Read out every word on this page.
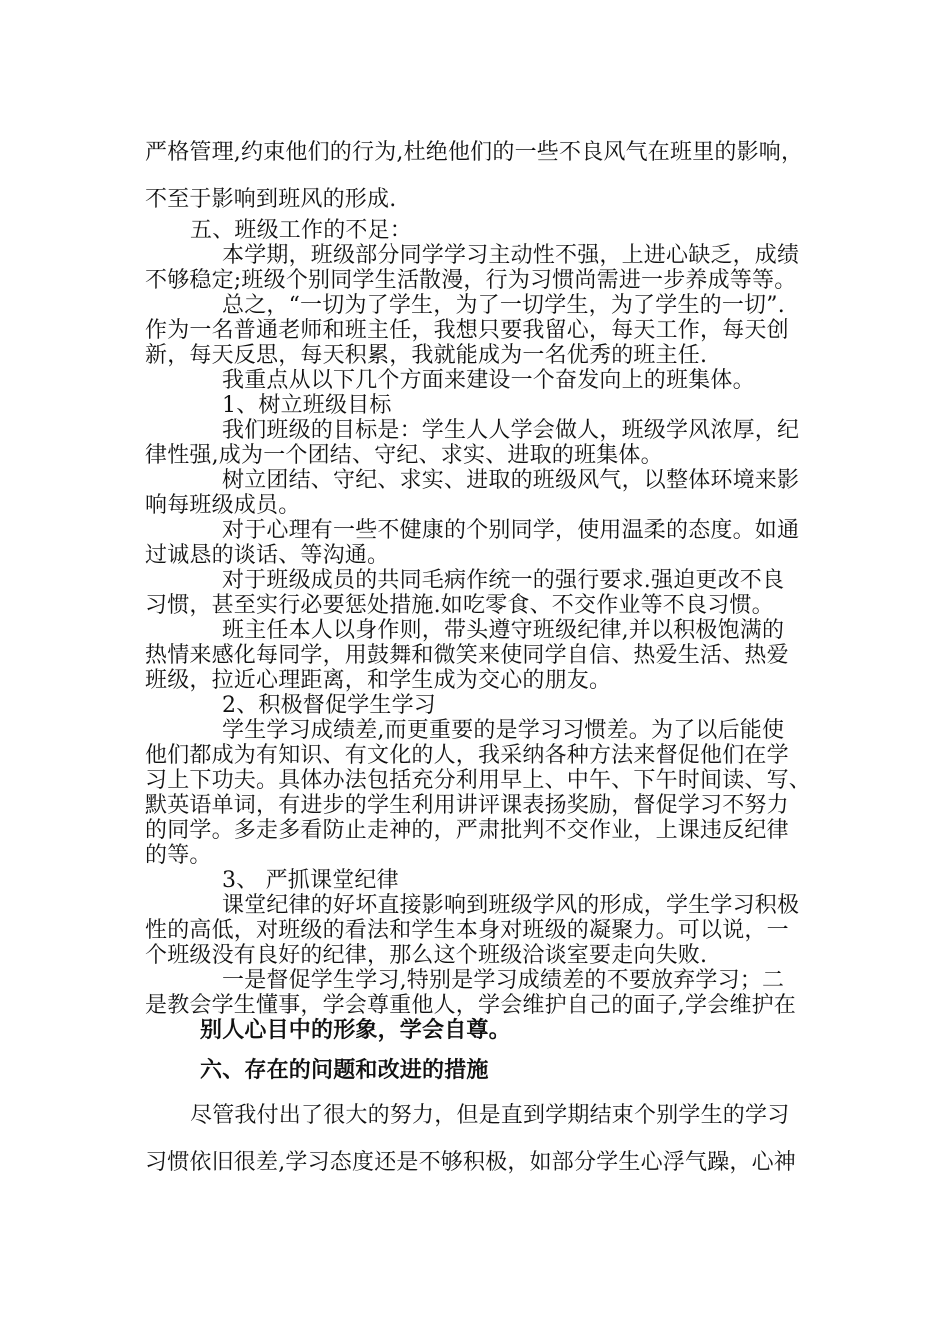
严格管理,约束他们的行为,杜绝他们的一些不良风气在班里的影响，
不至于影响到班风的形成.
五、班级工作的不足：
本学期，班级部分同学学习主动性不强，上进心缺乏，成绩
不够稳定;班级个别同学生活散漫，行为习惯尚需进一步养成等等。
总之，“一切为了学生，为了一切学生，为了学生的一切”.
作为一名普通老师和班主任，我想只要我留心，每天工作，每天创
新，每天反思，每天积累，我就能成为一名优秀的班主任.
我重点从以下几个方面来建设一个奋发向上的班集体。
1、树立班级目标
我们班级的目标是：学生人人学会做人，班级学风浓厚，纪
律性强,成为一个团结、守纪、求实、进取的班集体。
树立团结、守纪、求实、进取的班级风气，以整体环境来影
响每班级成员。
对于心理有一些不健康的个别同学，使用温柔的态度。如通
过诚恳的谈话、等沟通。
对于班级成员的共同毛病作统一的强行要求.强迫更改不良
习惯，甚至实行必要惩处措施.如吃零食、不交作业等不良习惯。
班主任本人以身作则，带头遵守班级纪律,并以积极饱满的
热情来感化每同学，用鼓舞和微笑来使同学自信、热爱生活、热爱
班级，拉近心理距离，和学生成为交心的朋友。
2、积极督促学生学习
学生学习成绩差,而更重要的是学习习惯差。为了以后能使
他们都成为有知识、有文化的人，我采纳各种方法来督促他们在学
习上下功夫。具体办法包括充分利用早上、中午、下午时间读、写、
默英语单词，有进步的学生利用讲评课表扬奖励，督促学习不努力
的同学。多走多看防止走神的，严肃批判不交作业，上课违反纪律
的等。
3、 严抓课堂纪律
课堂纪律的好坏直接影响到班级学风的形成，学生学习积极
性的高低，对班级的看法和学生本身对班级的凝聚力。可以说，一
个班级没有良好的纪律，那么这个班级洽谈室要走向失败.
一是督促学生学习,特别是学习成绩差的不要放弃学习；二
是教会学生懂事，学会尊重他人，学会维护自己的面子,学会维护在
别人心目中的形象，学会自尊。
六、存在的问题和改进的措施
尽管我付出了很大的努力，但是直到学期结束个别学生的学习
习惯依旧很差,学习态度还是不够积极，如部分学生心浮气躁，心神
